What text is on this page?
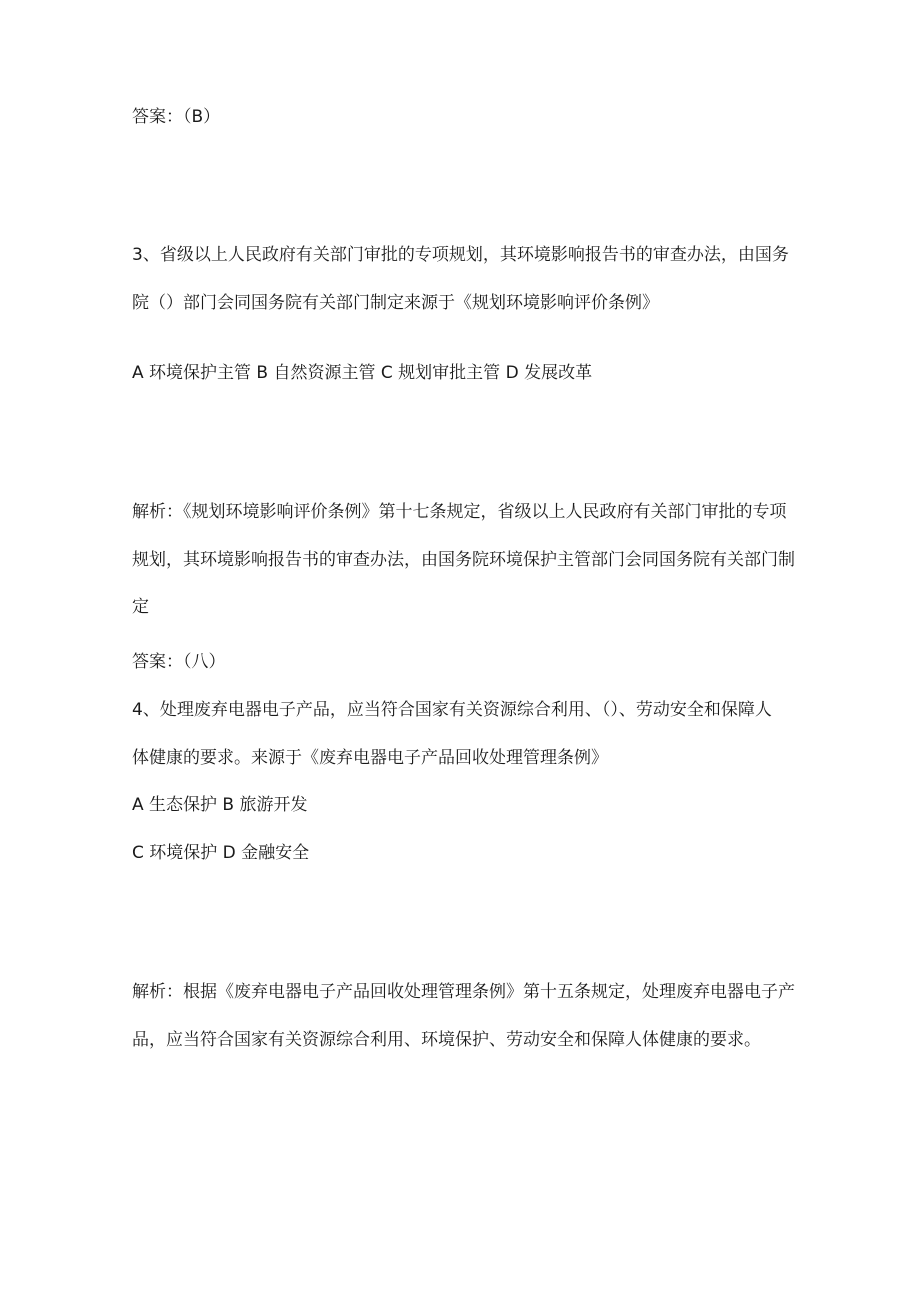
答案：（B）
3、省级以上人民政府有关部门审批的专项规划，其环境影响报告书的审查办法，由国务
院（）部门会同国务院有关部门制定来源于《规划环境影响评价条例》
A 环境保护主管 B 自然资源主管 C 规划审批主管 D 发展改革
解析：《规划环境影响评价条例》第十七条规定，省级以上人民政府有关部门审批的专项
规划，其环境影响报告书的审查办法，由国务院环境保护主管部门会同国务院有关部门制
定
答案：（八）
4、处理废弃电器电子产品，应当符合国家有关资源综合利用、（）、劳动安全和保障人
体健康的要求。来源于《废弃电器电子产品回收处理管理条例》
A 生态保护 B 旅游开发
C 环境保护 D 金融安全
解析：根据《废弃电器电子产品回收处理管理条例》第十五条规定，处理废弃电器电子产
品，应当符合国家有关资源综合利用、环境保护、劳动安全和保障人体健康的要求。
